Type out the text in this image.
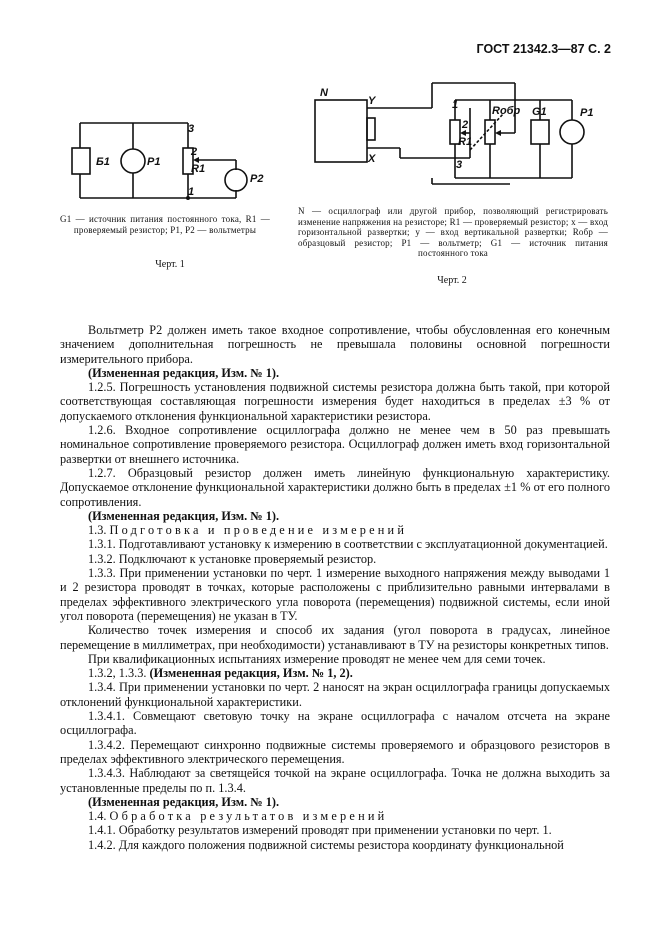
ГОСТ 21342.3—87 С. 2
Б1	Р1
3
2
R1
1
Р2
G1 — источник питания постоянного тока, R1 — проверяемый резистор; Р1, Р2 — вольтметры
Черт. 1
N
Y
X
1
2
R1
3
Rобр G1	Р1
N — осциллограф или другой прибор, позволяющий регистрировать изменение напряжения на резисторе; R1 — проверяемый резистор; x — вход горизонтальной развертки; у — вход вертикальной развертки; Rобр — образцовый резистор; Р1 — вольтметр; G1 — источник питания постоянного тока
Черт. 2

Вольтметр Р2 должен иметь такое входное сопротивление, чтобы обусловленная его конечным значением дополнительная погрешность не превышала половины основной погрешности измерительного прибора.

(Измененная редакция, Изм. № 1).

1.2.5. Погрешность установления подвижной системы резистора должна быть такой, при которой соответствующая составляющая погрешности измерения будет находиться в пределах ±3 % от допускаемого отклонения функциональной характеристики резистора.

1.2.6. Входное сопротивление осциллографа должно не менее чем в 50 раз превышать номинальное сопротивление проверяемого резистора. Осциллограф должен иметь вход горизонтальной развертки от внешнего источника.

1.2.7. Образцовый резистор должен иметь линейную функциональную характеристику. Допускаемое отклонение функциональной характеристики должно быть в пределах ±1 % от его полного сопротивления.

(Измененная редакция, Изм. № 1).

1.3. Подготовка и проведение измерений

1.3.1. Подготавливают установку к измерению в соответствии с эксплуатационной документацией.

1.3.2. Подключают к установке проверяемый резистор.

1.3.3. При применении установки по черт. 1 измерение выходного напряжения между выводами 1 и 2 резистора проводят в точках, которые расположены с приблизительно равными интервалами в пределах эффективного электрического угла поворота (перемещения) подвижной системы, если иной угол поворота (перемещения) не указан в ТУ.

Количество точек измерения и способ их задания (угол поворота в градусах, линейное перемещение в миллиметрах, при необходимости) устанавливают в ТУ на резисторы конкретных типов.

При квалификационных испытаниях измерение проводят не менее чем для семи точек.

1.3.2, 1.3.3. (Измененная редакция, Изм. № 1, 2).

1.3.4. При применении установки по черт. 2 наносят на экран осциллографа границы допускаемых отклонений функциональной характеристики.

1.3.4.1. Совмещают световую точку на экране осциллографа с началом отсчета на экране осциллографа.

1.3.4.2. Перемещают синхронно подвижные системы проверяемого и образцового резисторов в пределах эффективного электрического перемещения.

1.3.4.3. Наблюдают за светящейся точкой на экране осциллографа. Точка не должна выходить за установленные пределы по п. 1.3.4.

(Измененная редакция, Изм. № 1).

1.4. Обработка результатов измерений

1.4.1. Обработку результатов измерений проводят при применении установки по черт. 1.

1.4.2. Для каждого положения подвижной системы резистора координату функциональной
